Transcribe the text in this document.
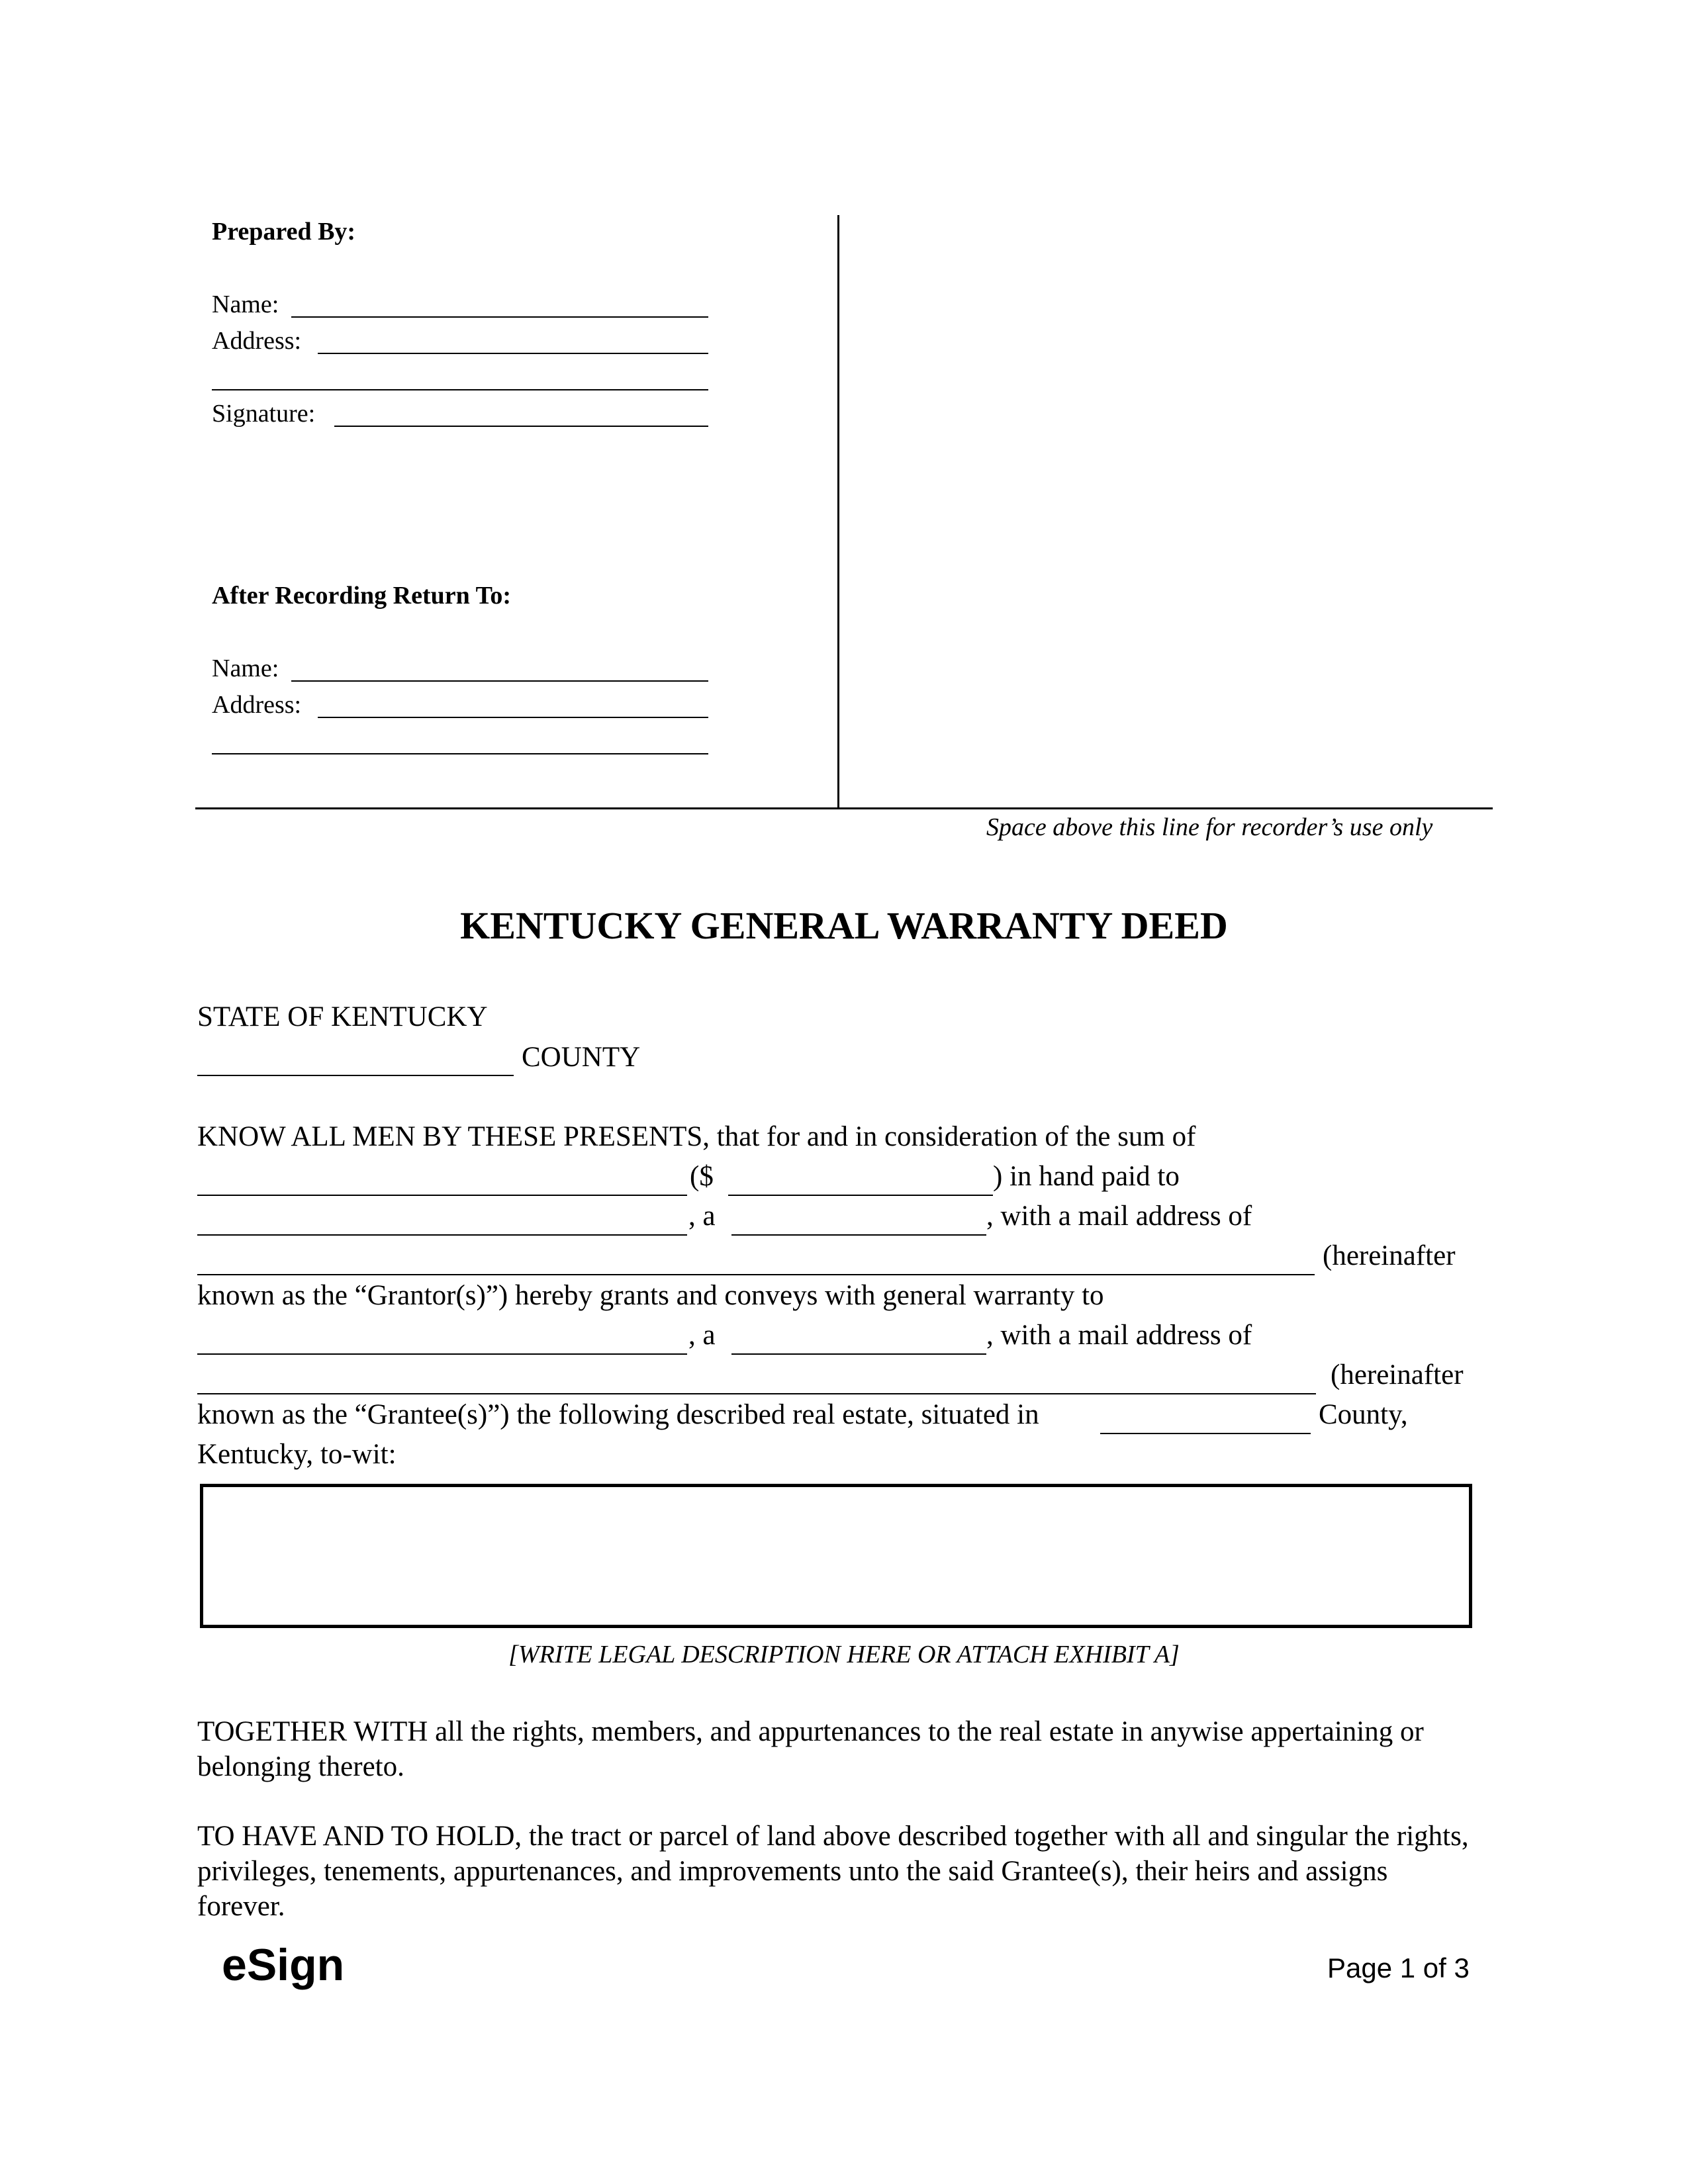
Prepared By:
Name:
Address:
Signature:
After Recording Return To:
Name:
Address:
Space above this line for recorder’s use only
KENTUCKY GENERAL WARRANTY DEED
STATE OF KENTUCKY
COUNTY
KNOW ALL MEN BY THESE PRESENTS, that for and in consideration of the sum of
($	) in hand paid to
, a	, with a mail address of
(hereinafter
known as the “Grantor(s)”) hereby grants and conveys with general warranty to
, a	, with a mail address of
(hereinafter
known as the “Grantee(s)”) the following described real estate, situated in	County,
Kentucky, to-wit:
[WRITE LEGAL DESCRIPTION HERE OR ATTACH EXHIBIT A]
TOGETHER WITH all the rights, members, and appurtenances to the real estate in anywise appertaining or belonging thereto.
TO HAVE AND TO HOLD, the tract or parcel of land above described together with all and singular the rights, privileges, tenements, appurtenances, and improvements unto the said Grantee(s), their heirs and assigns forever.
eSign	Page 1 of 3
